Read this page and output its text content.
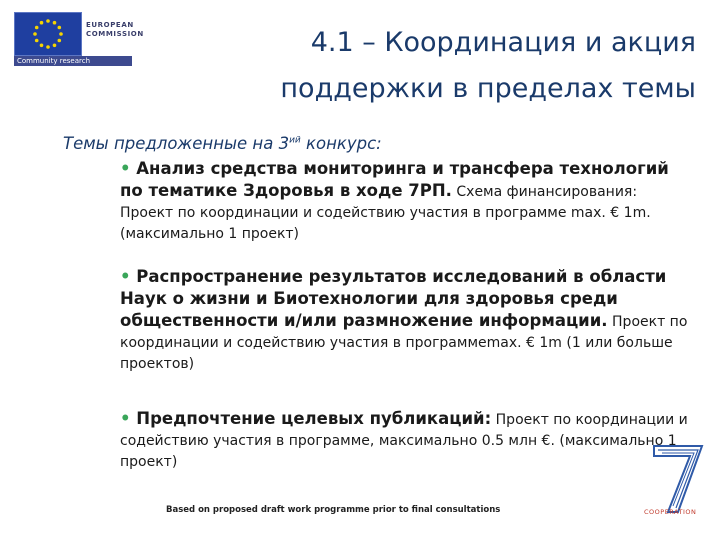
EUROPEAN
COMMISSION
Community research
4.1 – Координация и акция
поддержки в пределах темы
Темы предложенные на $3^{ий}$ конкурс:
• Анализ средства мониторинга и трансфера технологий по тематике Здоровья в ходе 7РП. Схема финансирования: Проект по координации и содействию участия в программе max. € 1m. (максимально 1 проект)
• Распространение результатов исследований в области Наук о жизни и Биотехнологии для здоровья среди общественности и/или размножение информации. Проект по координации и содействию участия в программеmax. € 1m (1 или больше проектов)
• Предпочтение целевых публикаций: Проект по координации и содействию участия в программе, максимально 0.5 млн €. (максимально 1 проект)
Based on proposed draft work programme prior to final consultations	COOPERATION
